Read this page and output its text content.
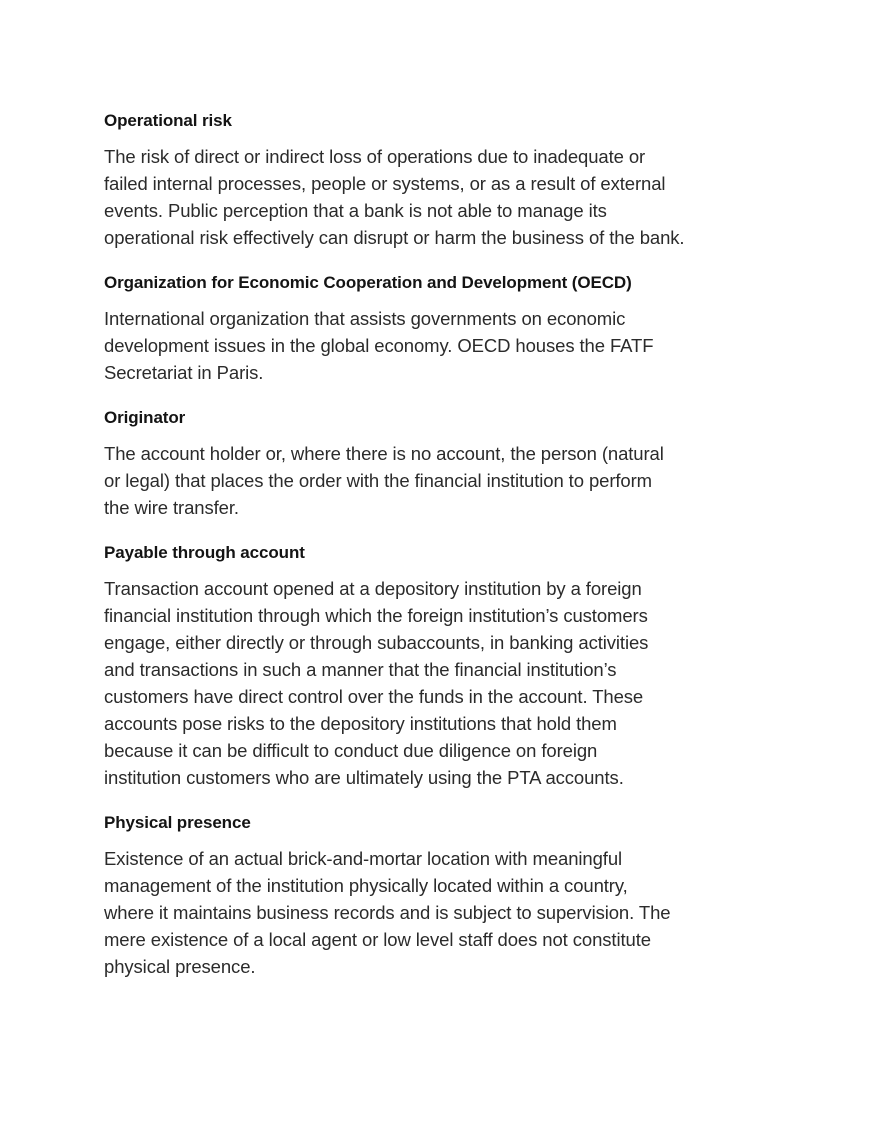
Operational risk

The risk of direct or indirect loss of operations due to inadequate or
failed internal processes, people or systems, or as a result of external
events. Public perception that a bank is not able to manage its
operational risk effectively can disrupt or harm the business of the bank.

Organization for Economic Cooperation and Development (OECD)

International organization that assists governments on economic
development issues in the global economy. OECD houses the FATF
Secretariat in Paris.

Originator

The account holder or, where there is no account, the person (natural
or legal) that places the order with the financial institution to perform
the wire transfer.

Payable through account

Transaction account opened at a depository institution by a foreign
financial institution through which the foreign institution’s customers
engage, either directly or through subaccounts, in banking activities
and transactions in such a manner that the financial institution’s
customers have direct control over the funds in the account. These
accounts pose risks to the depository institutions that hold them
because it can be difficult to conduct due diligence on foreign
institution customers who are ultimately using the PTA accounts.

Physical presence

Existence of an actual brick-and-mortar location with meaningful
management of the institution physically located within a country,
where it maintains business records and is subject to supervision. The
mere existence of a local agent or low level staff does not constitute
physical presence.
